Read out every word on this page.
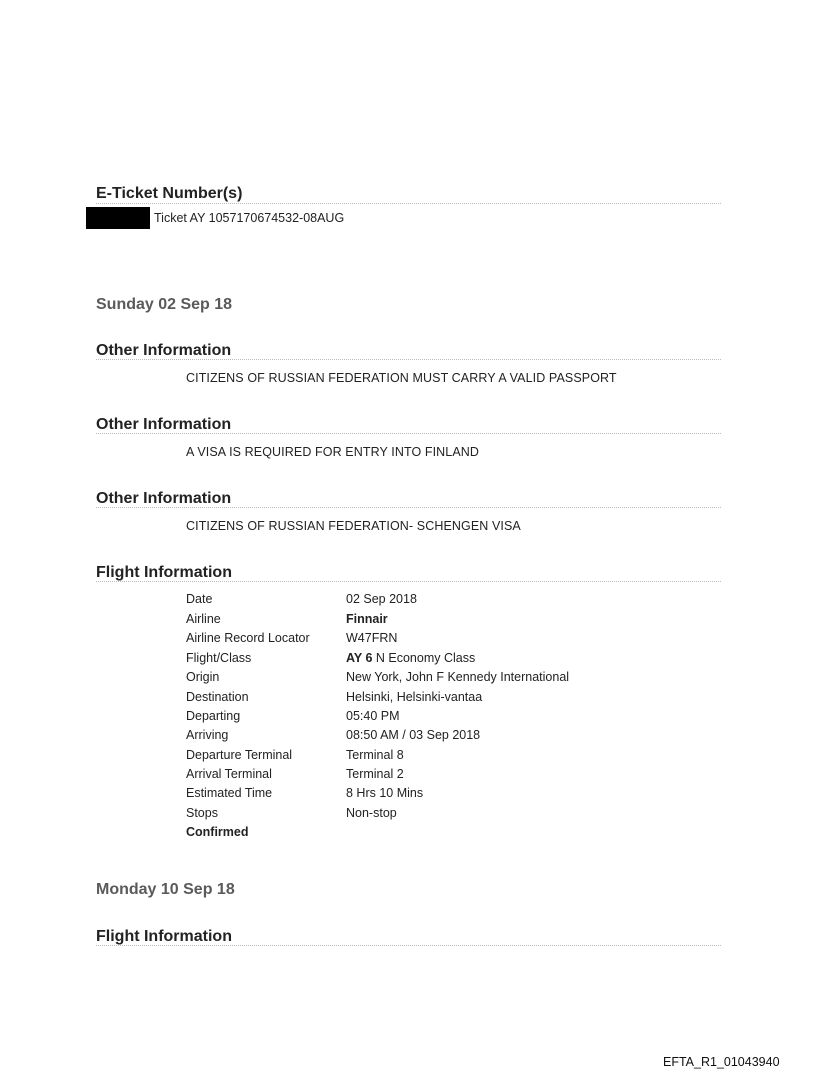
E-Ticket Number(s)
Ticket AY 1057170674532-08AUG
Sunday 02 Sep 18
Other Information
CITIZENS OF RUSSIAN FEDERATION MUST CARRY A VALID PASSPORT
Other Information
A VISA IS REQUIRED FOR ENTRY INTO FINLAND
Other Information
CITIZENS OF RUSSIAN FEDERATION- SCHENGEN VISA
Flight Information
Date	02 Sep 2018
Airline	Finnair
Airline Record Locator	W47FRN
Flight/Class	AY 6 N Economy Class
Origin	New York, John F Kennedy International
Destination	Helsinki, Helsinki-vantaa
Departing	05:40 PM
Arriving	08:50 AM / 03 Sep 2018
Departure Terminal	Terminal 8
Arrival Terminal	Terminal 2
Estimated Time	8 Hrs 10 Mins
Stops	Non-stop
Confirmed
Monday 10 Sep 18
Flight Information
EFTA_R1_01043940
